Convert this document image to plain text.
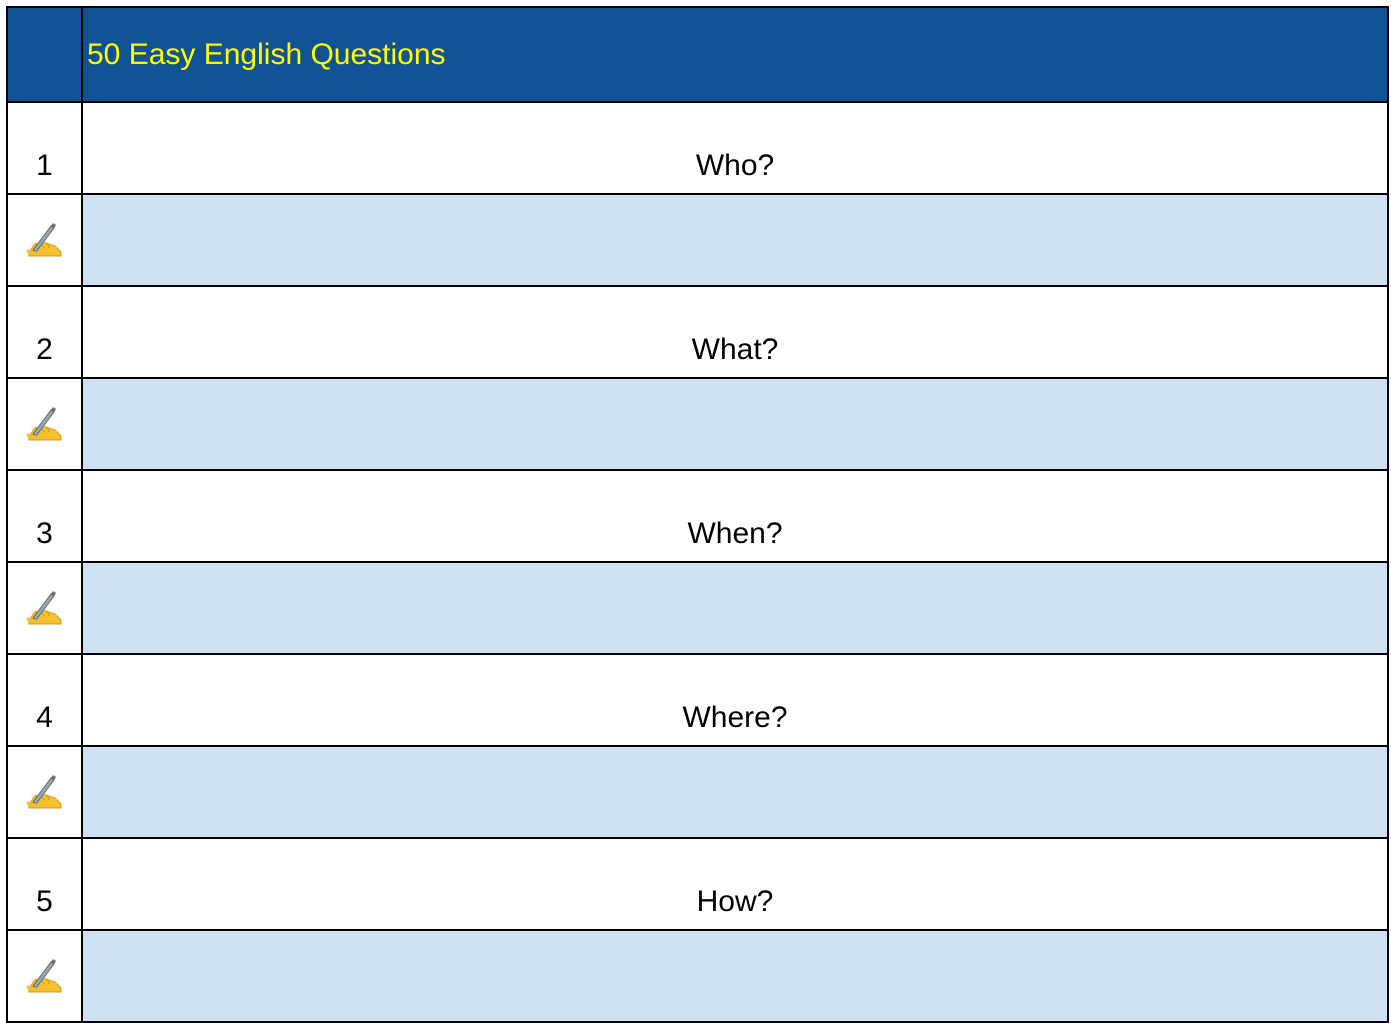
	50 Easy English Questions
1	Who?

2	What?

3	When?

4	Where?

5	How?
